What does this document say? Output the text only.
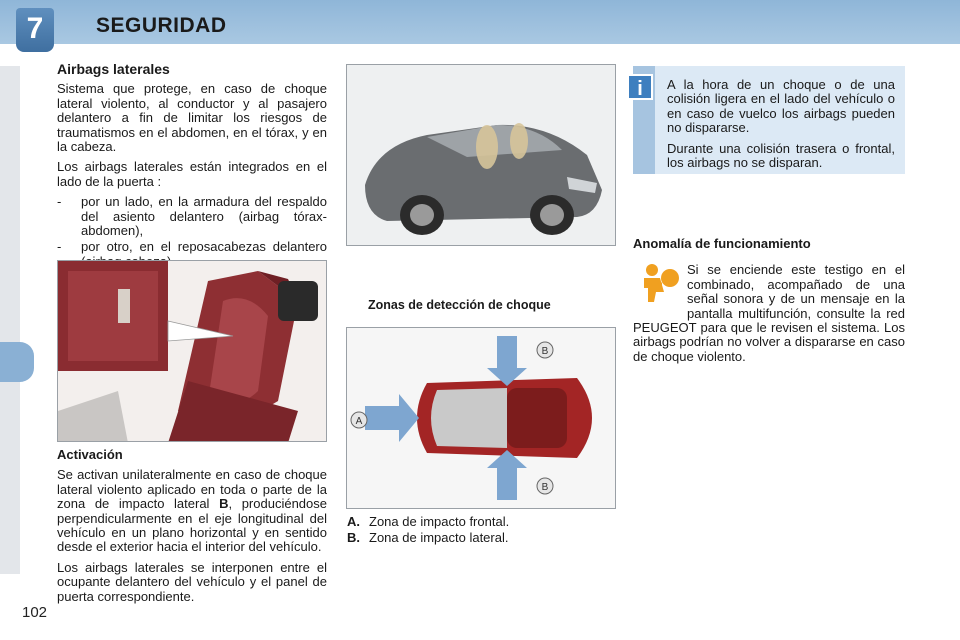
7	SEGURIDAD
102
Airbags laterales

Sistema que protege, en caso de choque lateral violento, al conductor y al pasajero delantero a fin de limitar los riesgos de traumatismos en el abdomen, en el tórax, y en la cabeza.

Los airbags laterales están integrados en el lado de la puerta :

-	por un lado, en la armadura del respaldo del asiento delantero (airbag tórax-abdomen),
-	por otro, en el reposacabezas delantero
Activación

Se activan unilateralmente en caso de choque lateral violento aplicado en toda o parte de la zona de impacto lateral B, produciéndose perpendicularmente en el eje longitudinal del vehículo en un plano horizontal y en sentido desde el exterior hacia el interior del vehículo.

Los airbags laterales se interponen entre el ocupante delantero del vehículo y el panel de puerta correspondiente.

Zonas de detección de choque
A
B
B
A. Zona de impacto frontal.
B. Zona de impacto lateral.

A la hora de un choque o de una colisión ligera en el lado del vehículo o en caso de vuelco los airbags pueden no dispararse.

Durante una colisión trasera o frontal, los airbags no se disparan.

i
Anomalía de funcionamiento

Si se enciende este testigo en el combinado, acompañado de una señal sonora y de un mensaje en la pantalla multifunción, consulte la red PEUGEOT para que le revisen el sistema. Los airbags podrían no volver a dispararse en caso de choque violento.
